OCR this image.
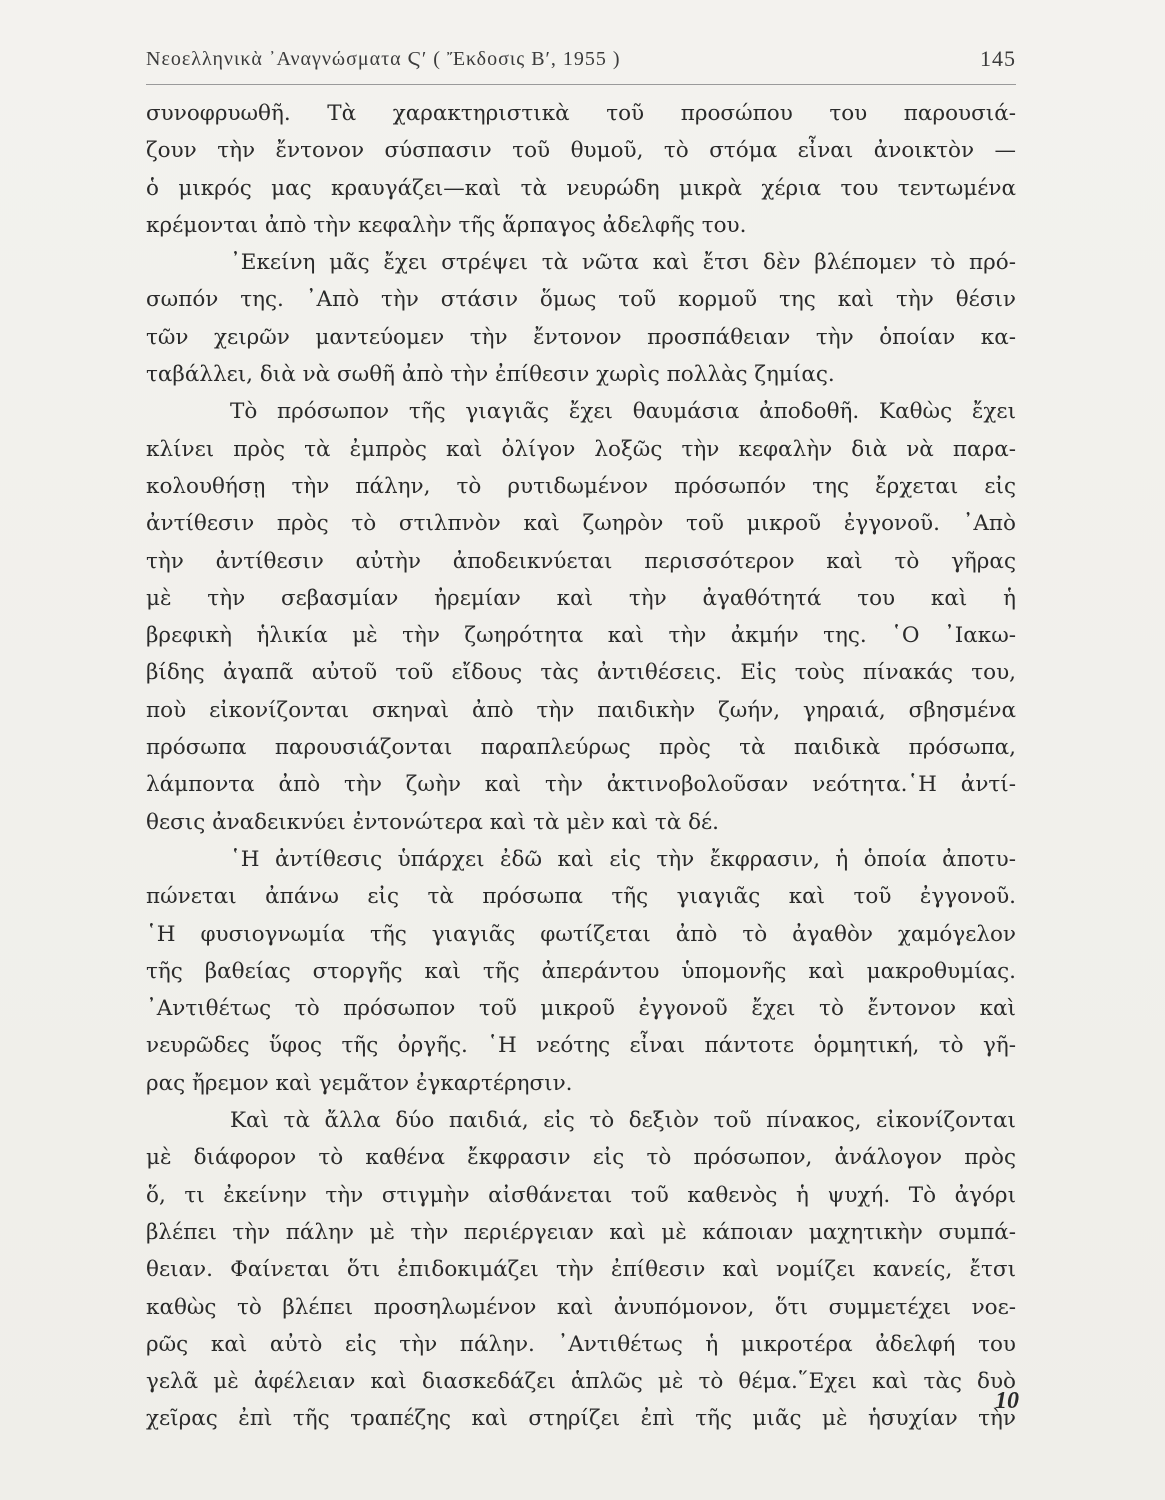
Νεοελληνικὰ ᾿Αναγνώσματα Ϛ′ ( Ἔκδοσις Β′, 1955 )	145
συνοφρυωθῆ. Τὰ χαρακτηριστικὰ τοῦ προσώπου του παρουσιά-
ζουν τὴν ἔντονον σύσπασιν τοῦ θυμοῦ, τὸ στόμα εἶναι ἀνοικτὸν —
ὁ μικρός μας κραυγάζει—καὶ τὰ νευρώδη μικρὰ χέρια του τεντωμένα
κρέμονται ἀπὸ τὴν κεφαλὴν τῆς ἅρπαγος ἀδελφῆς του.
᾿Εκείνη μᾶς ἔχει στρέψει τὰ νῶτα καὶ ἔτσι δὲν βλέπομεν τὸ πρό-
σωπόν της. ᾿Απὸ τὴν στάσιν ὅμως τοῦ κορμοῦ της καὶ τὴν θέσιν
τῶν χειρῶν μαντεύομεν τὴν ἔντονον προσπάθειαν τὴν ὁποίαν κα-
ταβάλλει, διὰ νὰ σωθῆ ἀπὸ τὴν ἐπίθεσιν χωρὶς πολλὰς ζημίας.
Τὸ πρόσωπον τῆς γιαγιᾶς ἔχει θαυμάσια ἀποδοθῆ. Καθὼς ἔχει
κλίνει πρὸς τὰ ἐμπρὸς καὶ ὀλίγον λοξῶς τὴν κεφαλὴν διὰ νὰ παρα-
κολουθήσῃ τὴν πάλην, τὸ ρυτιδωμένον πρόσωπόν της ἔρχεται εἰς
ἀντίθεσιν πρὸς τὸ στιλπνὸν καὶ ζωηρὸν τοῦ μικροῦ ἐγγονοῦ. ᾿Απὸ
τὴν ἀντίθεσιν αὐτὴν ἀποδεικνύεται περισσότερον καὶ τὸ γῆρας
μὲ τὴν σεβασμίαν ἠρεμίαν καὶ τὴν ἀγαθότητά του καὶ ἡ
βρεφικὴ ἡλικία μὲ τὴν ζωηρότητα καὶ τὴν ἀκμήν της. ῾Ο ᾿Ιακω-
βίδης ἀγαπᾶ αὐτοῦ τοῦ εἴδους τὰς ἀντιθέσεις. Εἰς τοὺς πίνακάς του,
ποὺ εἰκονίζονται σκηναὶ ἀπὸ τὴν παιδικὴν ζωήν, γηραιά, σβησμένα
πρόσωπα παρουσιάζονται παραπλεύρως πρὸς τὰ παιδικὰ πρόσωπα,
λάμποντα ἀπὸ τὴν ζωὴν καὶ τὴν ἀκτινοβολοῦσαν νεότητα.῾Η ἀντί-
θεσις ἀναδεικνύει ἐντονώτερα καὶ τὰ μὲν καὶ τὰ δέ.
῾Η ἀντίθεσις ὑπάρχει ἐδῶ καὶ εἰς τὴν ἔκφρασιν, ἡ ὁποία ἀποτυ-
πώνεται ἀπάνω εἰς τὰ πρόσωπα τῆς γιαγιᾶς καὶ τοῦ ἐγγονοῦ.
῾Η φυσιογνωμία τῆς γιαγιᾶς φωτίζεται ἀπὸ τὸ ἀγαθὸν χαμόγελον
τῆς βαθείας στοργῆς καὶ τῆς ἀπεράντου ὑπομονῆς καὶ μακροθυμίας.
᾿Αντιθέτως τὸ πρόσωπον τοῦ μικροῦ ἐγγονοῦ ἔχει τὸ ἔντονον καὶ
νευρῶδες ὕφος τῆς ὀργῆς. ῾Η νεότης εἶναι πάντοτε ὁρμητική, τὸ γῆ-
ρας ἤρεμον καὶ γεμᾶτον ἐγκαρτέρησιν.
Καὶ τὰ ἄλλα δύο παιδιά, εἰς τὸ δεξιὸν τοῦ πίνακος, εἰκονίζονται
μὲ διάφορον τὸ καθένα ἔκφρασιν εἰς τὸ πρόσωπον, ἀνάλογον πρὸς
ὅ, τι ἐκείνην τὴν στιγμὴν αἰσθάνεται τοῦ καθενὸς ἡ ψυχή. Τὸ ἀγόρι
βλέπει τὴν πάλην μὲ τὴν περιέργειαν καὶ μὲ κάποιαν μαχητικὴν συμπά-
θειαν. Φαίνεται ὅτι ἐπιδοκιμάζει τὴν ἐπίθεσιν καὶ νομίζει κανείς, ἔτσι
καθὼς τὸ βλέπει προσηλωμένον καὶ ἀνυπόμονον, ὅτι συμμετέχει νοε-
ρῶς καὶ αὐτὸ εἰς τὴν πάλην. ᾿Αντιθέτως ἡ μικροτέρα ἀδελφή του
γελᾶ μὲ ἀφέλειαν καὶ διασκεδάζει ἁπλῶς μὲ τὸ θέμα.῞Εχει καὶ τὰς δυὸ
χεῖρας ἐπὶ τῆς τραπέζης καὶ στηρίζει ἐπὶ τῆς μιᾶς μὲ ἡσυχίαν τὴν
10
